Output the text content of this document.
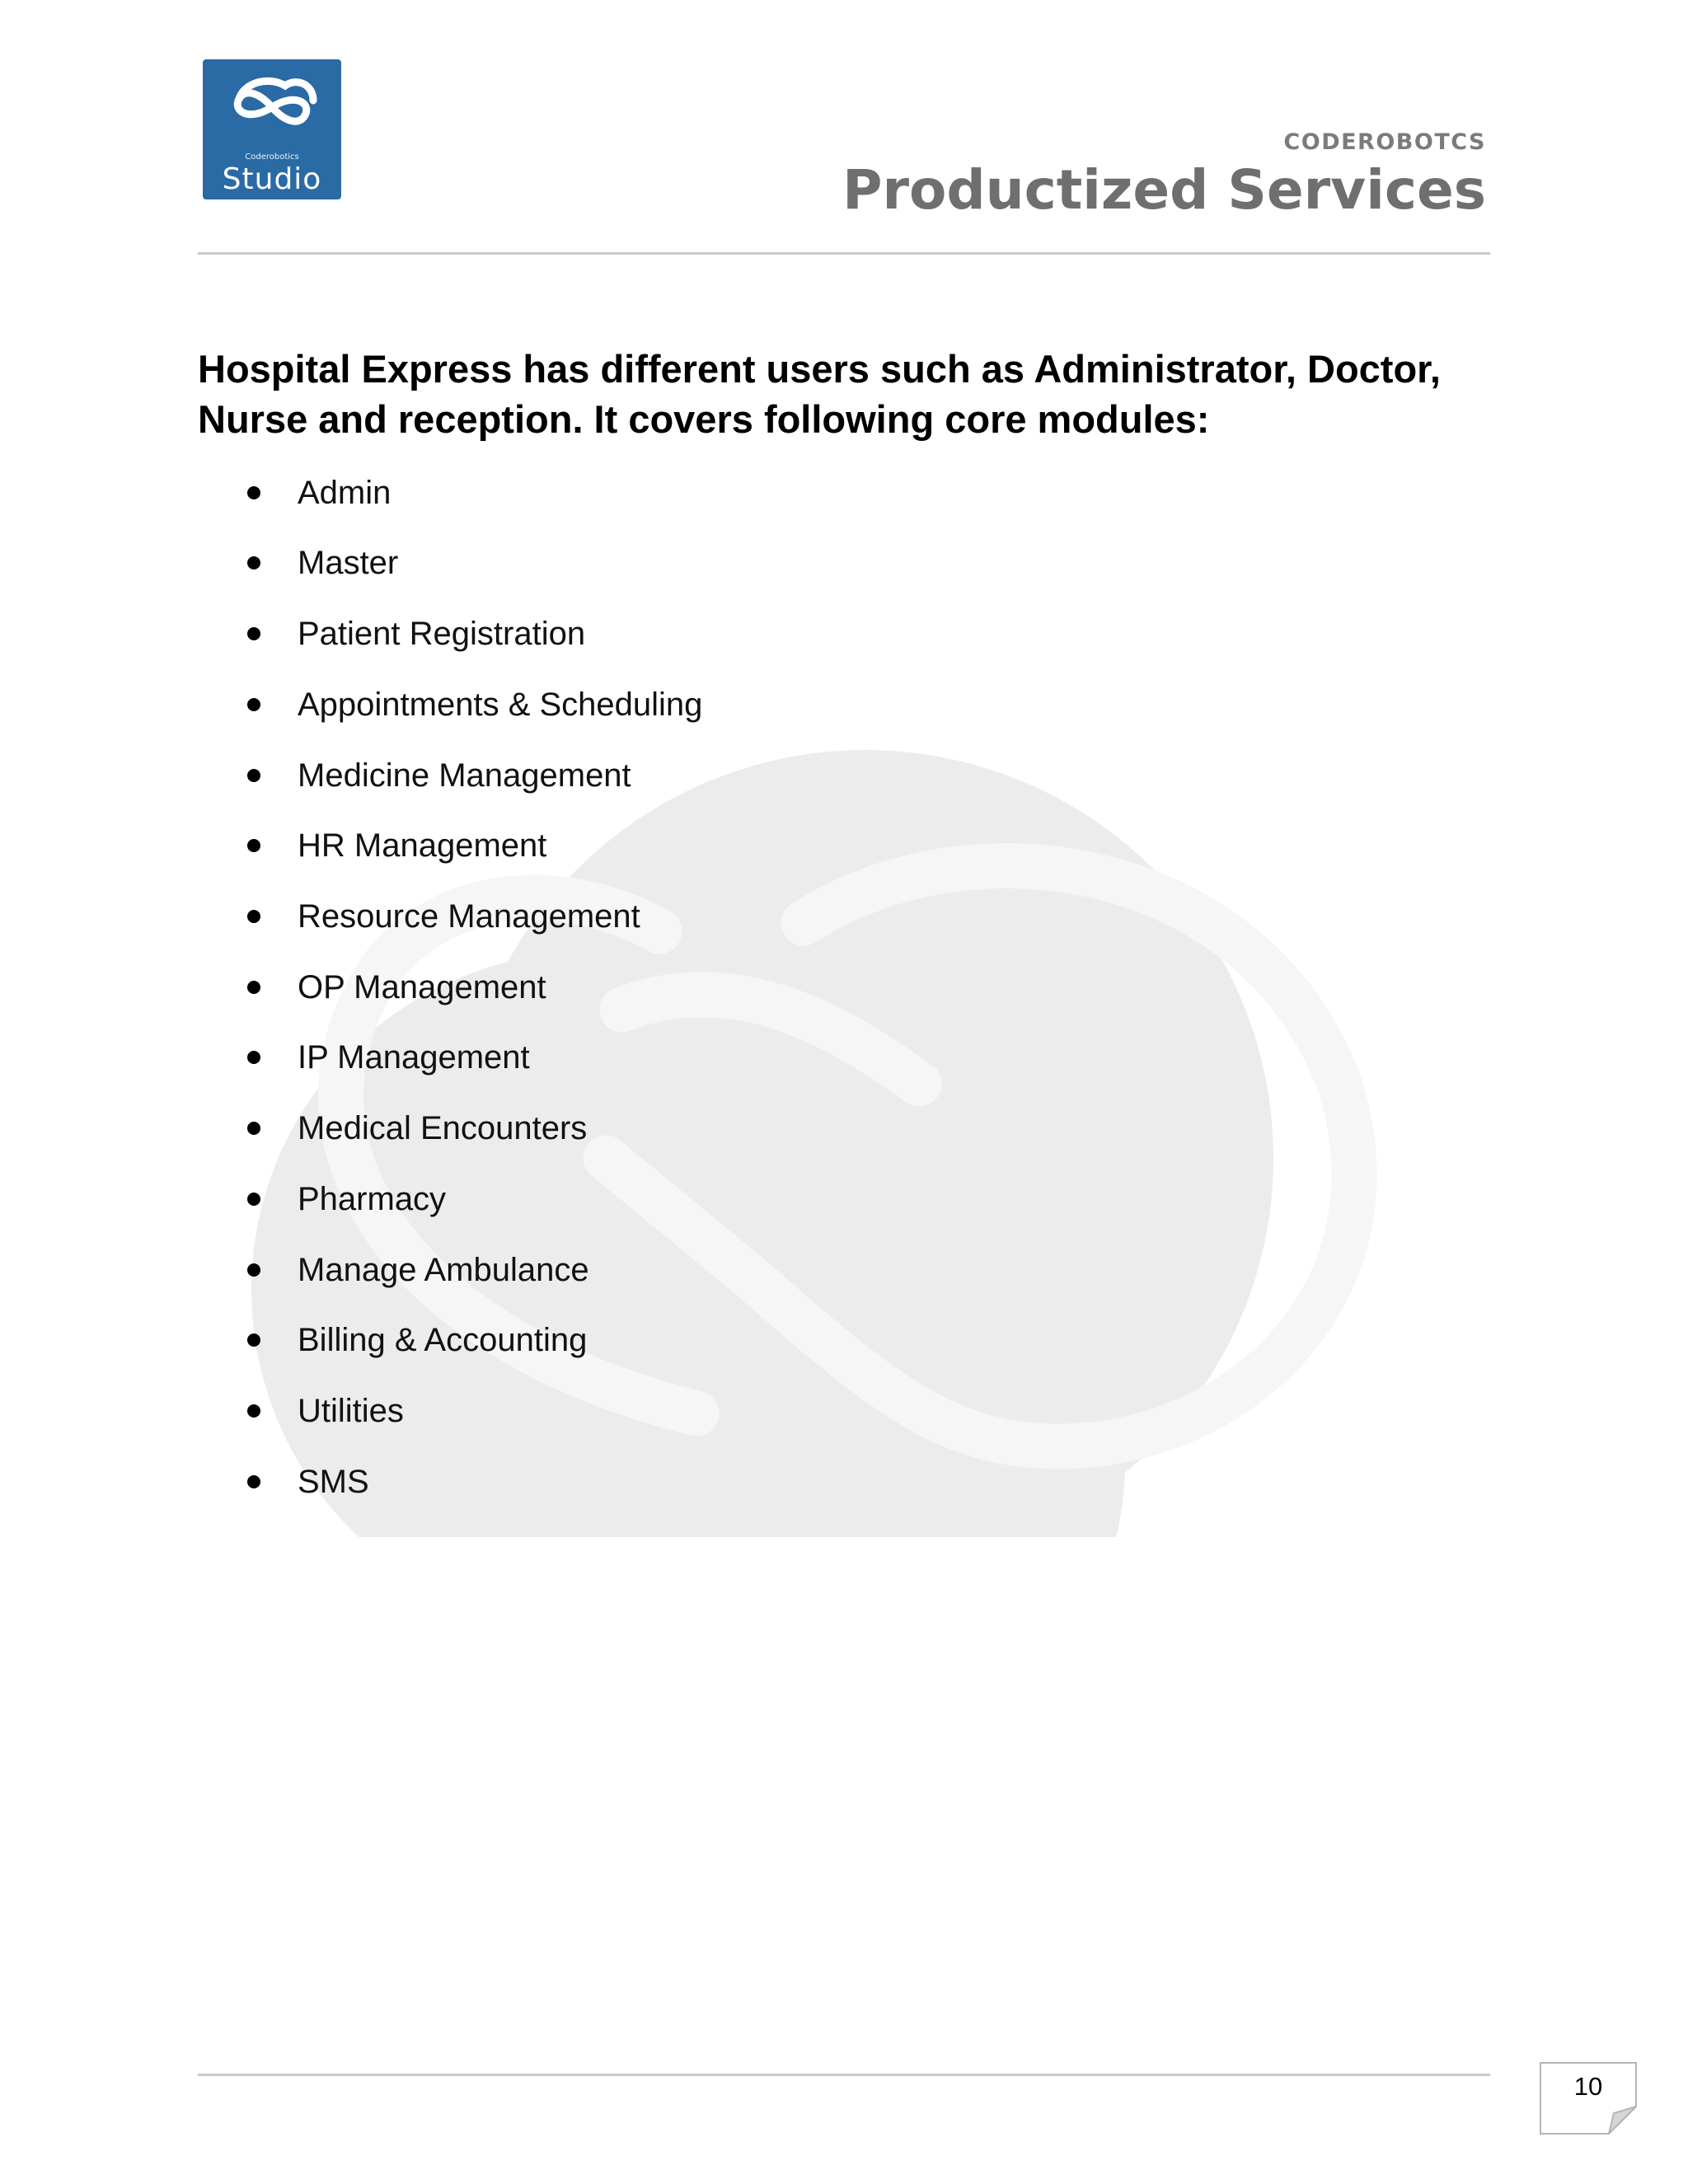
Coderobotics
Studio
CODEROBOTCS
Productized Services

Hospital Express has different users such as Administrator, Doctor, Nurse and reception. It covers following core modules:

Admin
Master
Patient Registration
Appointments & Scheduling
Medicine Management
HR Management
Resource Management
OP Management
IP Management
Medical Encounters
Pharmacy
Manage Ambulance
Billing & Accounting
Utilities
SMS
10
